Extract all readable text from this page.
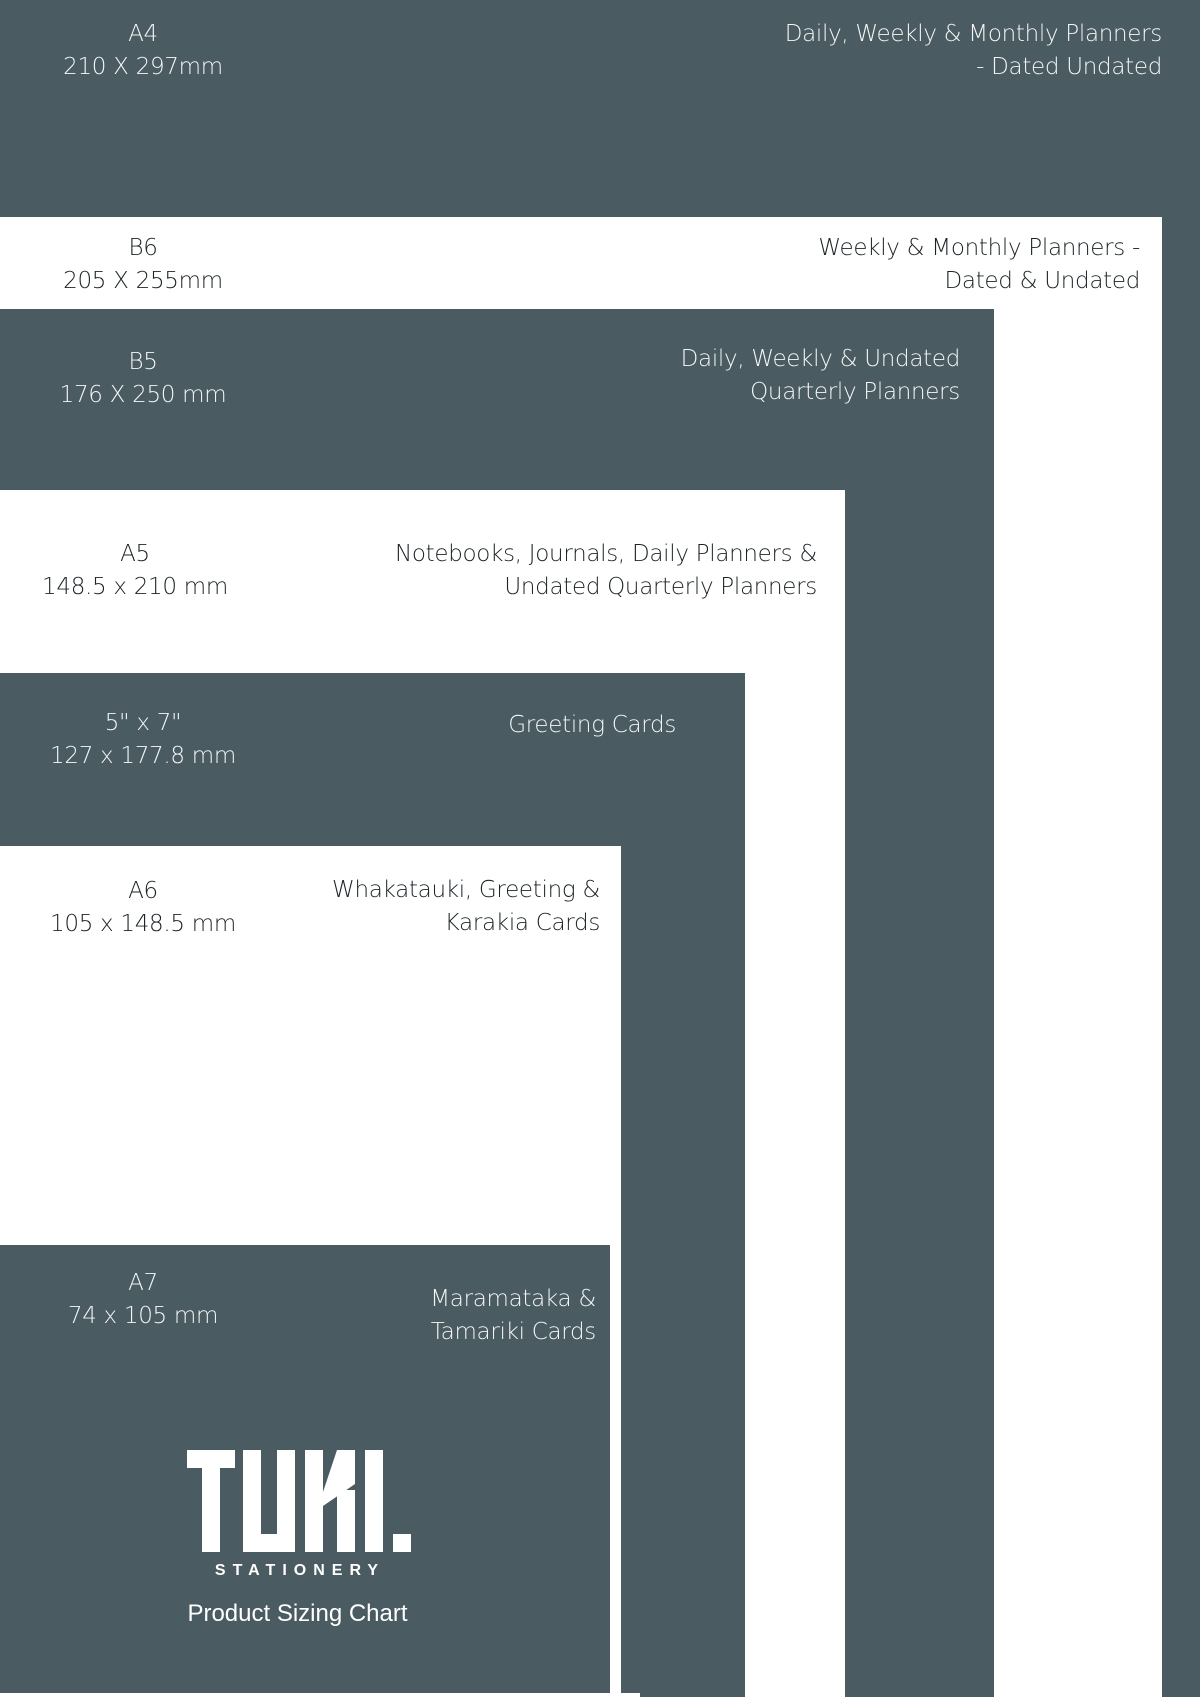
A4
210 X 297mm
Daily, Weekly & Monthly Planners
- Dated Undated
B6
205 X 255mm
Weekly & Monthly Planners -
Dated & Undated
B5
176 X 250 mm
Daily, Weekly & Undated
Quarterly Planners
A5
148.5 x 210 mm
Notebooks, Journals, Daily Planners &
Undated Quarterly Planners
5" x 7"
127 x 177.8 mm
Greeting Cards
A6
105 x 148.5 mm
Whakatauki, Greeting &
Karakia Cards
A7
74 x 105 mm
Maramataka &
Tamariki Cards
STATIONERY
Product Sizing Chart
